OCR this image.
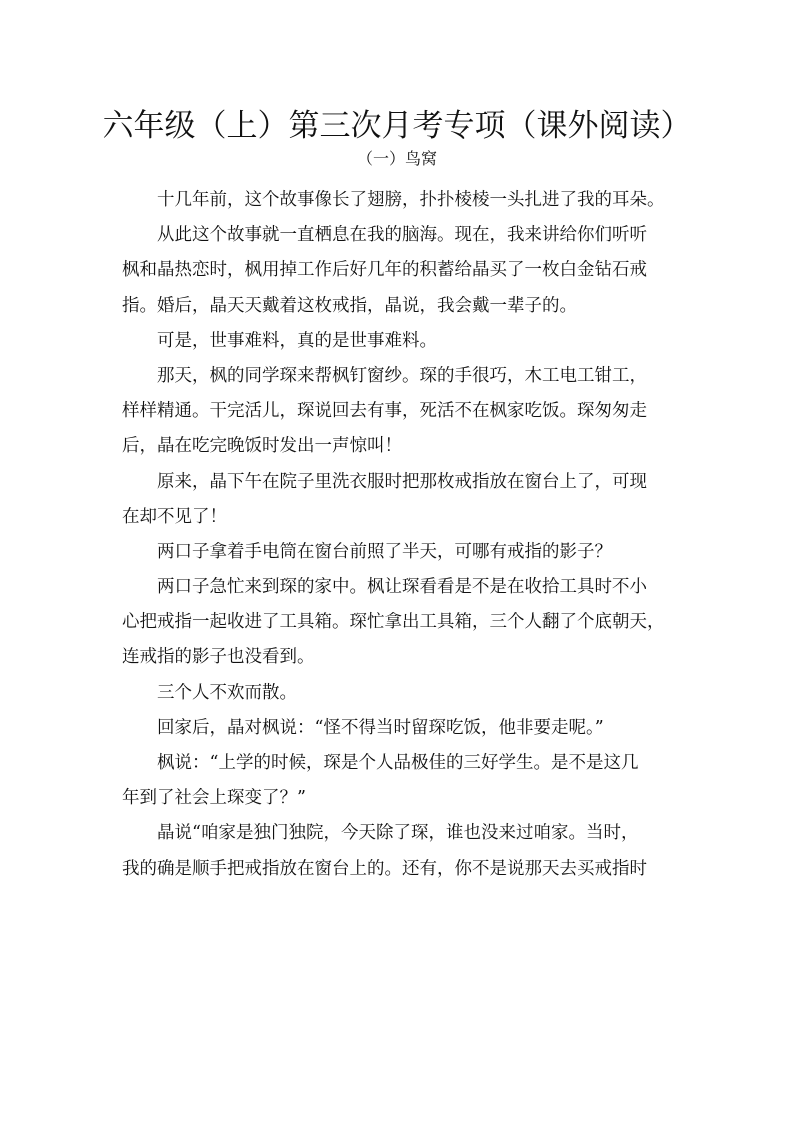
六年级（上）第三次月考专项（课外阅读）
（一）鸟窝
十几年前，这个故事像长了翅膀，扑扑棱棱一头扎进了我的耳朵。
从此这个故事就一直栖息在我的脑海。现在，我来讲给你们听听
枫和晶热恋时，枫用掉工作后好几年的积蓄给晶买了一枚白金钻石戒
指。婚后，晶天天戴着这枚戒指，晶说，我会戴一辈子的。
可是，世事难料，真的是世事难料。
那天，枫的同学琛来帮枫钉窗纱。琛的手很巧，木工电工钳工，
样样精通。干完活儿，琛说回去有事，死活不在枫家吃饭。琛匆匆走
后，晶在吃完晚饭时发出一声惊叫！
原来，晶下午在院子里洗衣服时把那枚戒指放在窗台上了，可现
在却不见了！
两口子拿着手电筒在窗台前照了半天，可哪有戒指的影子？
两口子急忙来到琛的家中。枫让琛看看是不是在收拾工具时不小
心把戒指一起收进了工具箱。琛忙拿出工具箱，三个人翻了个底朝天，
连戒指的影子也没看到。
三个人不欢而散。
回家后，晶对枫说：“怪不得当时留琛吃饭，他非要走呢。”
枫说：“上学的时候，琛是个人品极佳的三好学生。是不是这几
年到了社会上琛变了？”
晶说“咱家是独门独院，今天除了琛，谁也没来过咱家。当时，
我的确是顺手把戒指放在窗台上的。还有，你不是说那天去买戒指时
